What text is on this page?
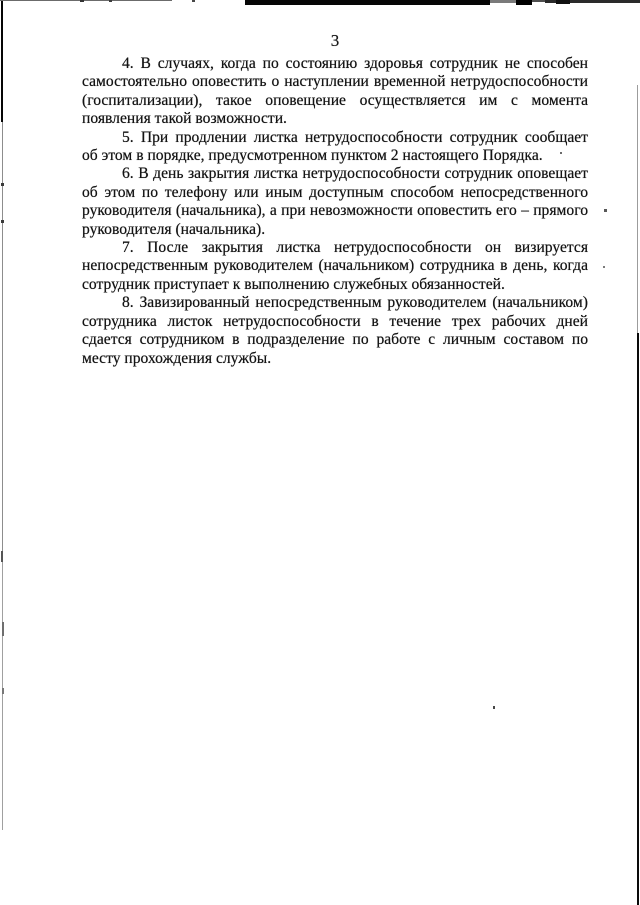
3

4. В случаях, когда по состоянию здоровья сотрудник не способен самостоятельно оповестить о наступлении временной нетрудоспособности (госпитализации), такое оповещение осуществляется им с момента появления такой возможности.

5. При продлении листка нетрудоспособности сотрудник сообщает об этом в порядке, предусмотренном пунктом 2 настоящего Порядка.

6. В день закрытия листка нетрудоспособности сотрудник оповещает об этом по телефону или иным доступным способом непосредственного руководителя (начальника), а при невозможности оповестить его – прямого руководителя (начальника).

7. После закрытия листка нетрудоспособности он визируется непосредственным руководителем (начальником) сотрудника в день, когда сотрудник приступает к выполнению служебных обязанностей.

8. Завизированный непосредственным руководителем (начальником) сотрудника листок нетрудоспособности в течение трех рабочих дней сдается сотрудником в подразделение по работе с личным составом по месту прохождения службы.
